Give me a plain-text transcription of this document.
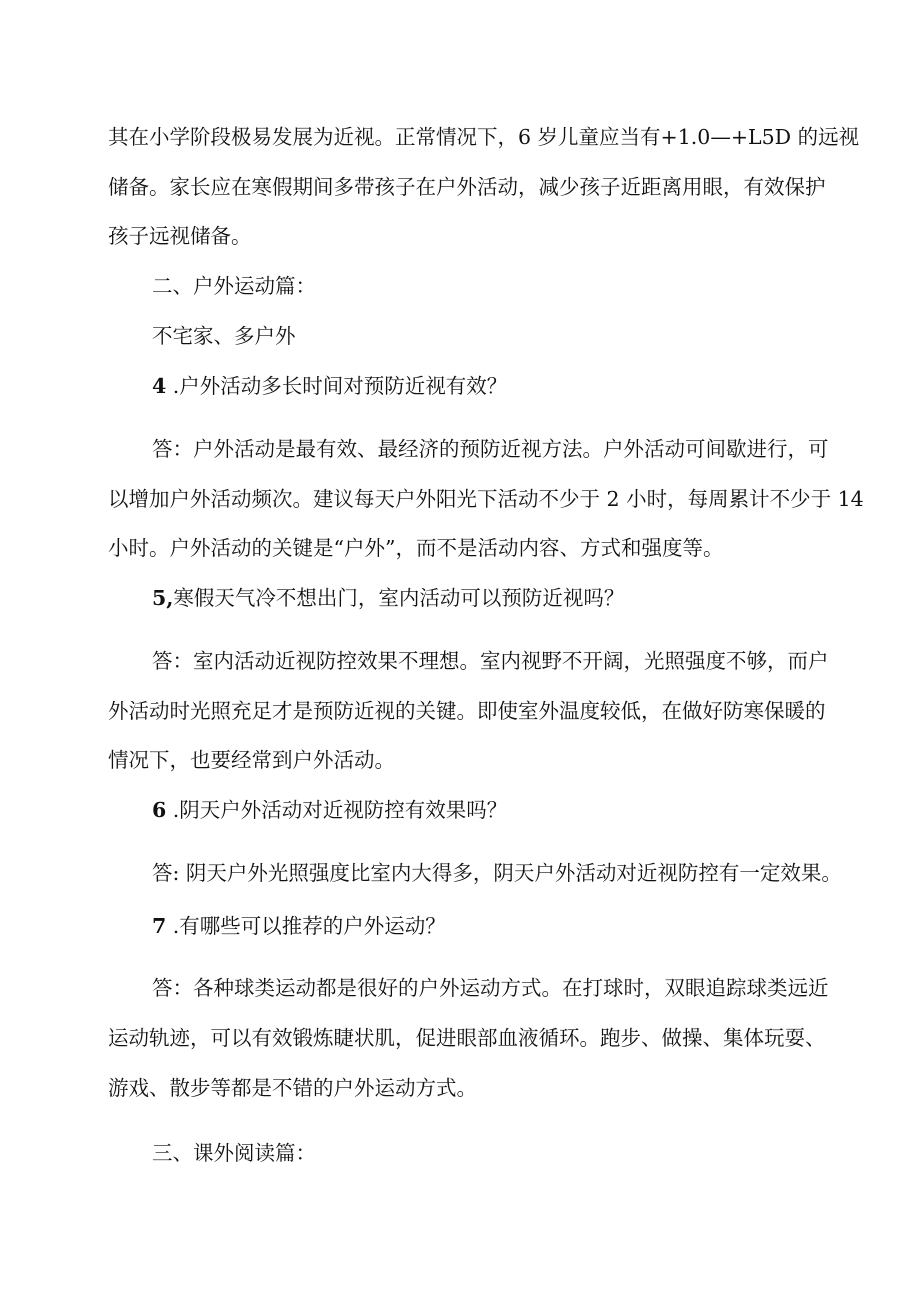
其在小学阶段极易发展为近视。正常情况下，6 岁儿童应当有+1.0—+L5D 的远视
储备。家长应在寒假期间多带孩子在户外活动，减少孩子近距离用眼，有效保护
孩子远视储备。
二、户外运动篇：
不宅家、多户外
4 .户外活动多长时间对预防近视有效？
答：户外活动是最有效、最经济的预防近视方法。户外活动可间歇进行，可
以增加户外活动频次。建议每天户外阳光下活动不少于 2 小时，每周累计不少于 14
小时。户外活动的关键是“户外”，而不是活动内容、方式和强度等。
5,寒假天气冷不想出门，室内活动可以预防近视吗？
答：室内活动近视防控效果不理想。室内视野不开阔，光照强度不够，而户
外活动时光照充足才是预防近视的关键。即使室外温度较低，在做好防寒保暖的
情况下，也要经常到户外活动。
6 .阴天户外活动对近视防控有效果吗？
答: 阴天户外光照强度比室内大得多，阴天户外活动对近视防控有一定效果。
7 .有哪些可以推荐的户外运动？
答：各种球类运动都是很好的户外运动方式。在打球时，双眼追踪球类远近
运动轨迹，可以有效锻炼睫状肌，促进眼部血液循环。跑步、做操、集体玩耍、
游戏、散步等都是不错的户外运动方式。
三、课外阅读篇：
